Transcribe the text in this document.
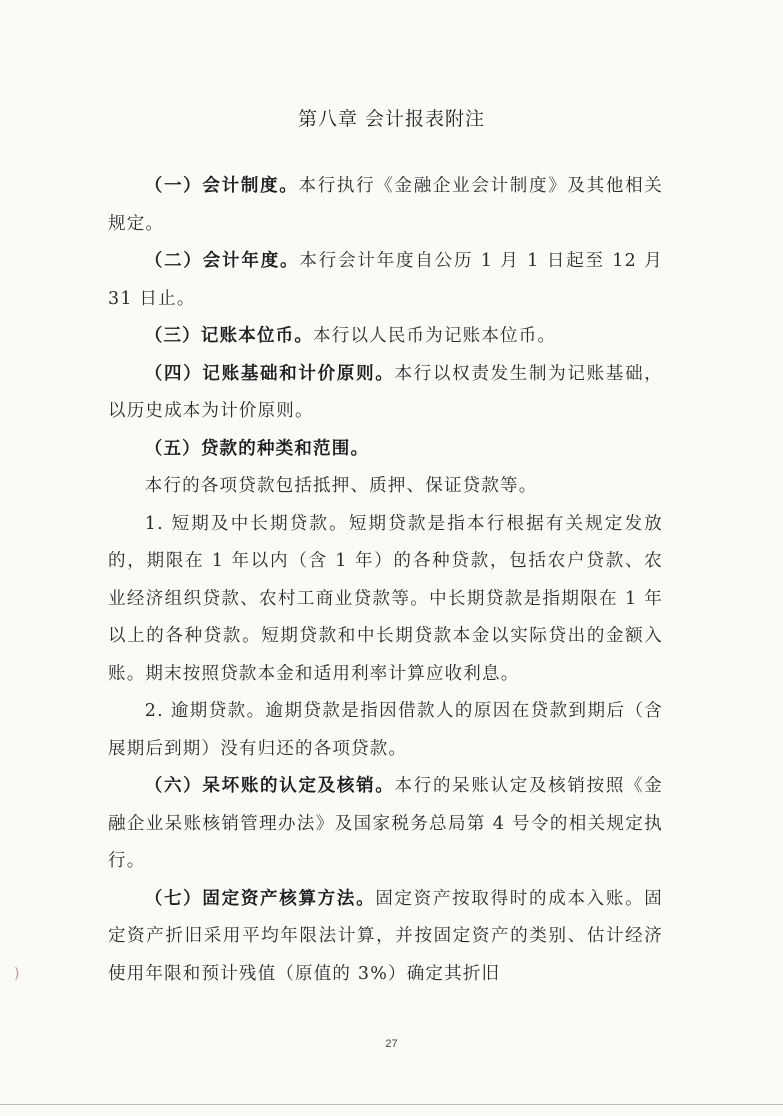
第八章 会计报表附注

（一）会计制度。本行执行《金融企业会计制度》及其他相关规定。

（二）会计年度。本行会计年度自公历 1 月 1 日起至 12 月 31 日止。

（三）记账本位币。本行以人民币为记账本位币。

（四）记账基础和计价原则。本行以权责发生制为记账基础，以历史成本为计价原则。

（五）贷款的种类和范围。

本行的各项贷款包括抵押、质押、保证贷款等。

1. 短期及中长期贷款。短期贷款是指本行根据有关规定发放的，期限在 1 年以内（含 1 年）的各种贷款，包括农户贷款、农业经济组织贷款、农村工商业贷款等。中长期贷款是指期限在 1 年以上的各种贷款。短期贷款和中长期贷款本金以实际贷出的金额入账。期末按照贷款本金和适用利率计算应收利息。

2. 逾期贷款。逾期贷款是指因借款人的原因在贷款到期后（含展期后到期）没有归还的各项贷款。

（六）呆坏账的认定及核销。本行的呆账认定及核销按照《金融企业呆账核销管理办法》及国家税务总局第 4 号令的相关规定执行。

（七）固定资产核算方法。固定资产按取得时的成本入账。固定资产折旧采用平均年限法计算，并按固定资产的类别、估计经济使用年限和预计残值（原值的 3%）确定其折旧

)
27
